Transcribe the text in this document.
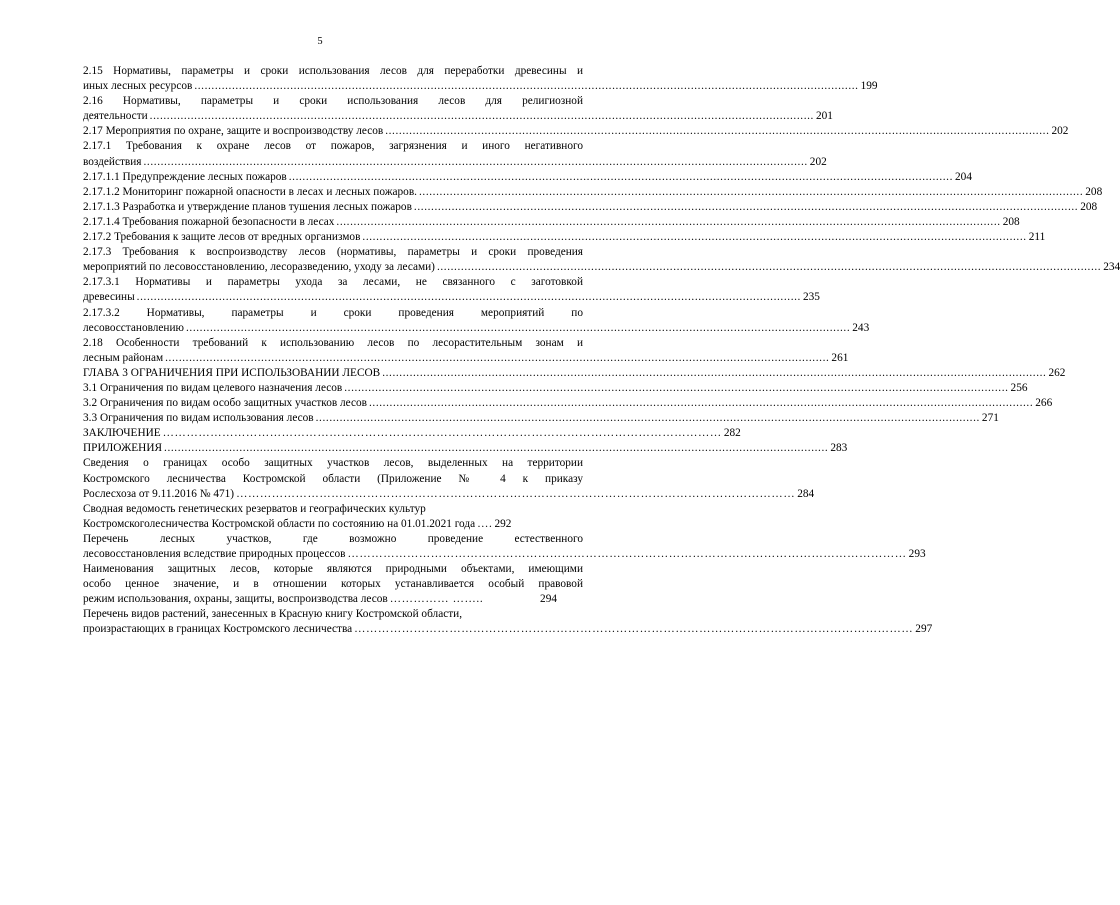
5
2.15 Нормативы, параметры и сроки использования лесов для переработки древесины и
иных лесных ресурсов .................................................................................................................................................................................................. 199
2.16 Нормативы, параметры и сроки использования лесов для религиозной
деятельности .................................................................................................................................................................................................. 201
2.17 Мероприятия по охране, защите и воспроизводству лесов .................................................................................................................................................................................................. 202
2.17.1 Требования к охране лесов от пожаров, загрязнения и иного негативного
воздействия .................................................................................................................................................................................................. 202
2.17.1.1 Предупреждение лесных пожаров .................................................................................................................................................................................................. 204
2.17.1.2 Мониторинг пожарной опасности в лесах и лесных пожаров. .................................................................................................................................................................................................. 208
2.17.1.3 Разработка и утверждение планов тушения лесных пожаров .................................................................................................................................................................................................. 208
2.17.1.4 Требования пожарной безопасности в лесах .................................................................................................................................................................................................. 208
2.17.2 Требования к защите лесов от вредных организмов .................................................................................................................................................................................................. 211
2.17.3 Требования к воспроизводству лесов (нормативы, параметры и сроки проведения
мероприятий по лесовосстановлению, лесоразведению, уходу за лесами) .................................................................................................................................................................................................. 234
2.17.3.1 Нормативы и параметры ухода за лесами, не связанного с заготовкой
древесины .................................................................................................................................................................................................. 235
2.17.3.2 Нормативы, параметры и сроки проведения мероприятий по
лесовосстановлению .................................................................................................................................................................................................. 243
2.18 Особенности требований к использованию лесов по лесорастительным зонам и
лесным районам .................................................................................................................................................................................................. 261
ГЛАВА 3 ОГРАНИЧЕНИЯ ПРИ ИСПОЛЬЗОВАНИИ ЛЕСОВ .................................................................................................................................................................................................. 262
3.1 Ограничения по видам целевого назначения лесов .................................................................................................................................................................................................. 256
3.2 Ограничения по видам особо защитных участков лесов .................................................................................................................................................................................................. 266
3.3 Ограничения по видам использования лесов .................................................................................................................................................................................................. 271
ЗАКЛЮЧЕНИЕ …………………………………………………………………………………………………………………………… 282
ПРИЛОЖЕНИЯ .................................................................................................................................................................................................. 283
Сведения о границах особо защитных участков лесов, выделенных на территории
Костромского лесничества Костромской области (Приложение № 4 к приказу
Рослесхоза от 9.11.2016 № 471) …………………………………………………………………………………………………………………………… 284
Сводная ведомость генетических резерватов и географических культур
Костромскоголесничества Костромской области по состоянию на 01.01.2021 года …. 292
Перечень лесных участков, где возможно проведение естественного
лесовосстановления вследствие природных процессов …………………………………………………………………………………………………………………………… 293
Наименования защитных лесов, которые являются природными объектами, имеющими
особо ценное значение, и в отношении которых устанавливается особый правовой
режим использования, охраны, защиты, воспроизводства лесов …………… ……..	294
Перечень видов растений, занесенных в Красную книгу Костромской области,
произрастающих в границах Костромского лесничества …………………………………………………………………………………………………………………………… 297
